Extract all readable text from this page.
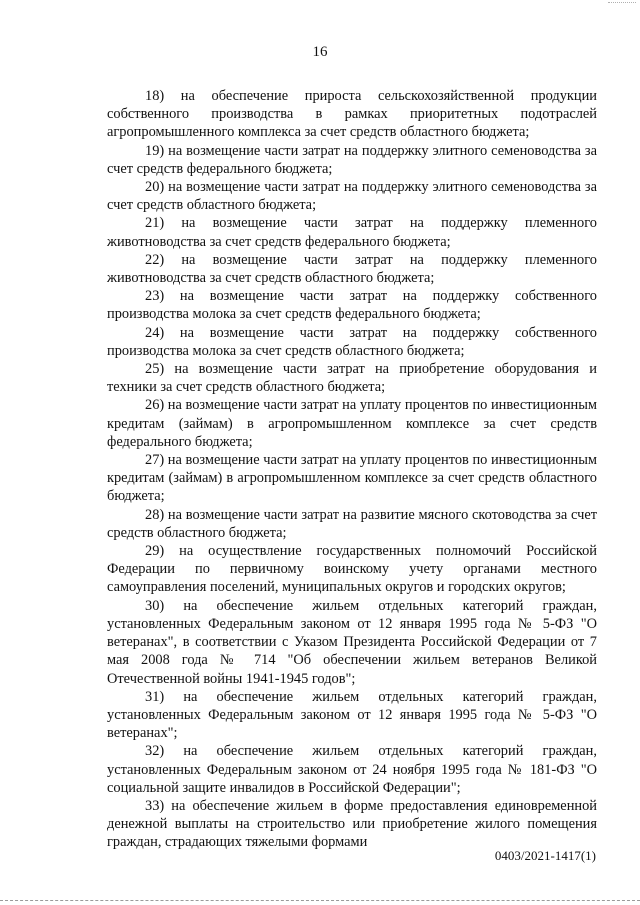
16

18) на обеспечение прироста сельскохозяйственной продукции собственного производства в рамках приоритетных подотраслей агропромышленного комплекса за счет средств областного бюджета;

19) на возмещение части затрат на поддержку элитного семеноводства за счет средств федерального бюджета;

20) на возмещение части затрат на поддержку элитного семеноводства за счет средств областного бюджета;

21) на возмещение части затрат на поддержку племенного животноводства за счет средств федерального бюджета;

22) на возмещение части затрат на поддержку племенного животноводства за счет средств областного бюджета;

23) на возмещение части затрат на поддержку собственного производства молока за счет средств федерального бюджета;

24) на возмещение части затрат на поддержку собственного производства молока за счет средств областного бюджета;

25) на возмещение части затрат на приобретение оборудования и техники за счет средств областного бюджета;

26) на возмещение части затрат на уплату процентов по инвестиционным кредитам (займам) в агропромышленном комплексе за счет средств федерального бюджета;

27) на возмещение части затрат на уплату процентов по инвестиционным кредитам (займам) в агропромышленном комплексе за счет средств областного бюджета;

28) на возмещение части затрат на развитие мясного скотоводства за счет средств областного бюджета;

29) на осуществление государственных полномочий Российской Федерации по первичному воинскому учету органами местного самоуправления поселений, муниципальных округов и городских округов;

30) на обеспечение жильем отдельных категорий граждан, установленных Федеральным законом от 12 января 1995 года № 5-ФЗ "О ветеранах", в соответствии с Указом Президента Российской Федерации от 7 мая 2008 года № 714 "Об обеспечении жильем ветеранов Великой Отечественной войны 1941-1945 годов";

31) на обеспечение жильем отдельных категорий граждан, установленных Федеральным законом от 12 января 1995 года № 5-ФЗ "О ветеранах";

32) на обеспечение жильем отдельных категорий граждан, установленных Федеральным законом от 24 ноября 1995 года № 181-ФЗ "О социальной защите инвалидов в Российской Федерации";

33) на обеспечение жильем в форме предоставления единовременной денежной выплаты на строительство или приобретение жилого помещения граждан, страдающих тяжелыми формами

0403/2021-1417(1)
